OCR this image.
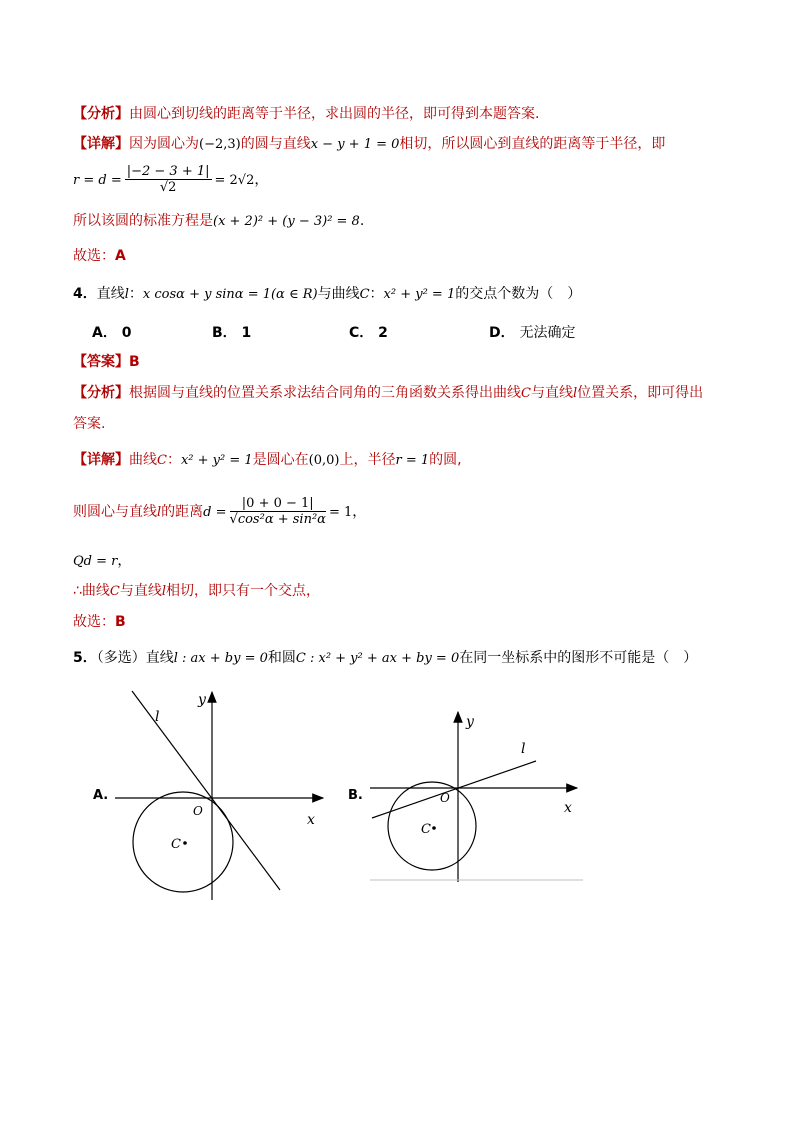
【分析】由圆心到切线的距离等于半径，求出圆的半径，即可得到本题答案.
【详解】因为圆心为(−2,3)的圆与直线x − y + 1 = 0相切，所以圆心到直线的距离等于半径，即
$r = d = \frac{|-2 - 3 + 1|}{√2} = 2√2$，
所以该圆的标准方程是(x + 2)² + (y − 3)² = 8.
故选：A
4．直线l：x cosα + y sinα = 1(α ∈ R)与曲线C：x² + y² = 1的交点个数为（　）
A． 0	B． 1	C． 2	D． 无法确定
【答案】B
【分析】根据圆与直线的位置关系求法结合同角的三角函数关系得出曲线C与直线l位置关系，即可得出
答案.
【详解】曲线C：x² + y² = 1是圆心在(0,0)上，半径r = 1的圆,
则圆心与直线l的距离$d = \frac{|0 + 0 - 1|}{\text{√cos²α + sin²α}} = 1$，
Qd = r，
∴曲线C与直线l相切，即只有一个交点，
故选：B
5．（多选）直线l : ax + by = 0和圆C : x² + y² + ax + by = 0在同一坐标系中的图形不可能是（　）
A.
y
x
O
C
l
B.
y
x
O
C
l
